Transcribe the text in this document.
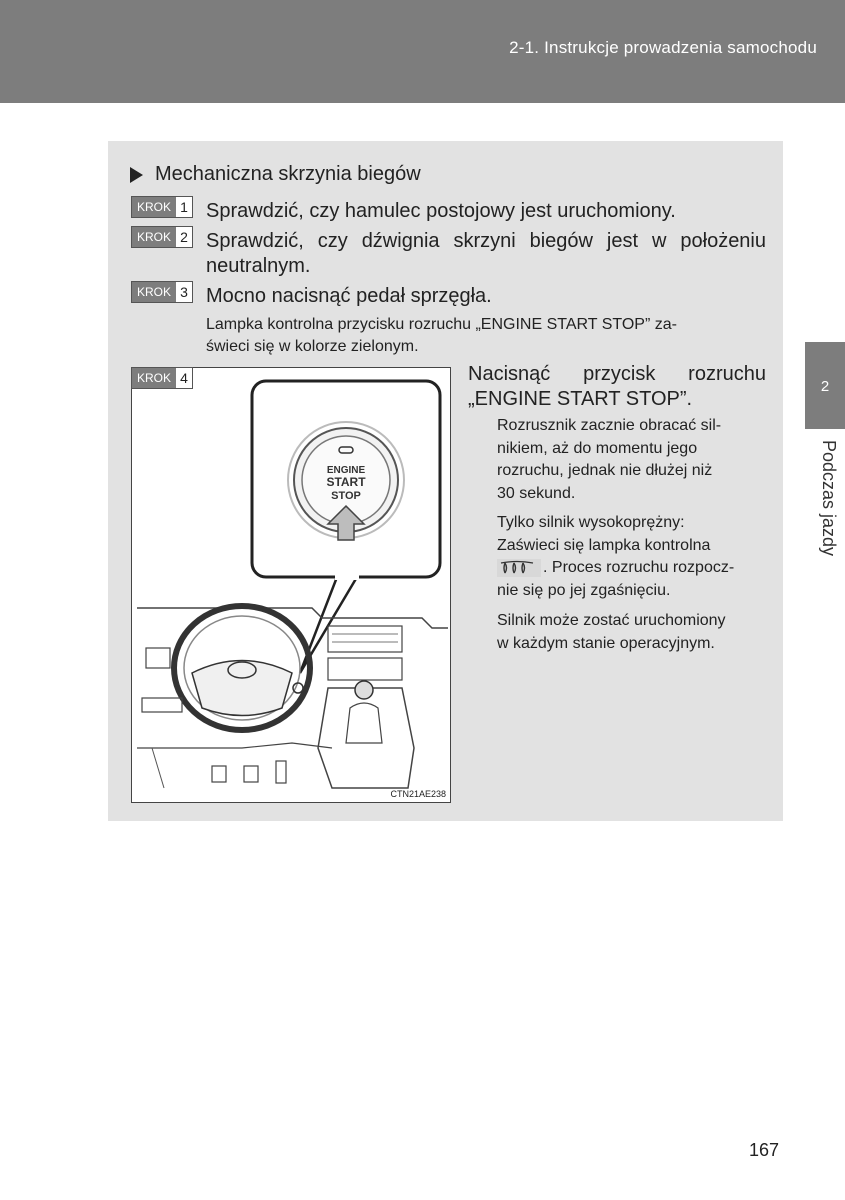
2-1. Instrukcje prowadzenia samochodu
2
Podczas jazdy
Mechaniczna skrzynia biegów
KROK 1 Sprawdzić, czy hamulec postojowy jest uruchomiony.
KROK 2 Sprawdzić, czy dźwignia skrzyni biegów jest w położeniu
neutralnym.
KROK 3 Mocno nacisnąć pedał sprzęgła.
Lampka kontrolna przycisku rozruchu „ENGINE START STOP” za-
świeci się w kolorze zielonym.
ENGINE
START
STOP
CTN21AE238
KROK 4	Nacisnąć przycisk rozruchu
„ENGINE START STOP”.
Rozrusznik zacznie obracać sil-
nikiem, aż do momentu jego
rozruchu, jednak nie dłużej niż
30 sekund.
Tylko silnik wysokoprężny:
Zaświeci się lampka kontrolna
. Proces rozruchu rozpocz-
nie się po jej zgaśnięciu.
Silnik może zostać uruchomiony
w każdym stanie operacyjnym.
167
